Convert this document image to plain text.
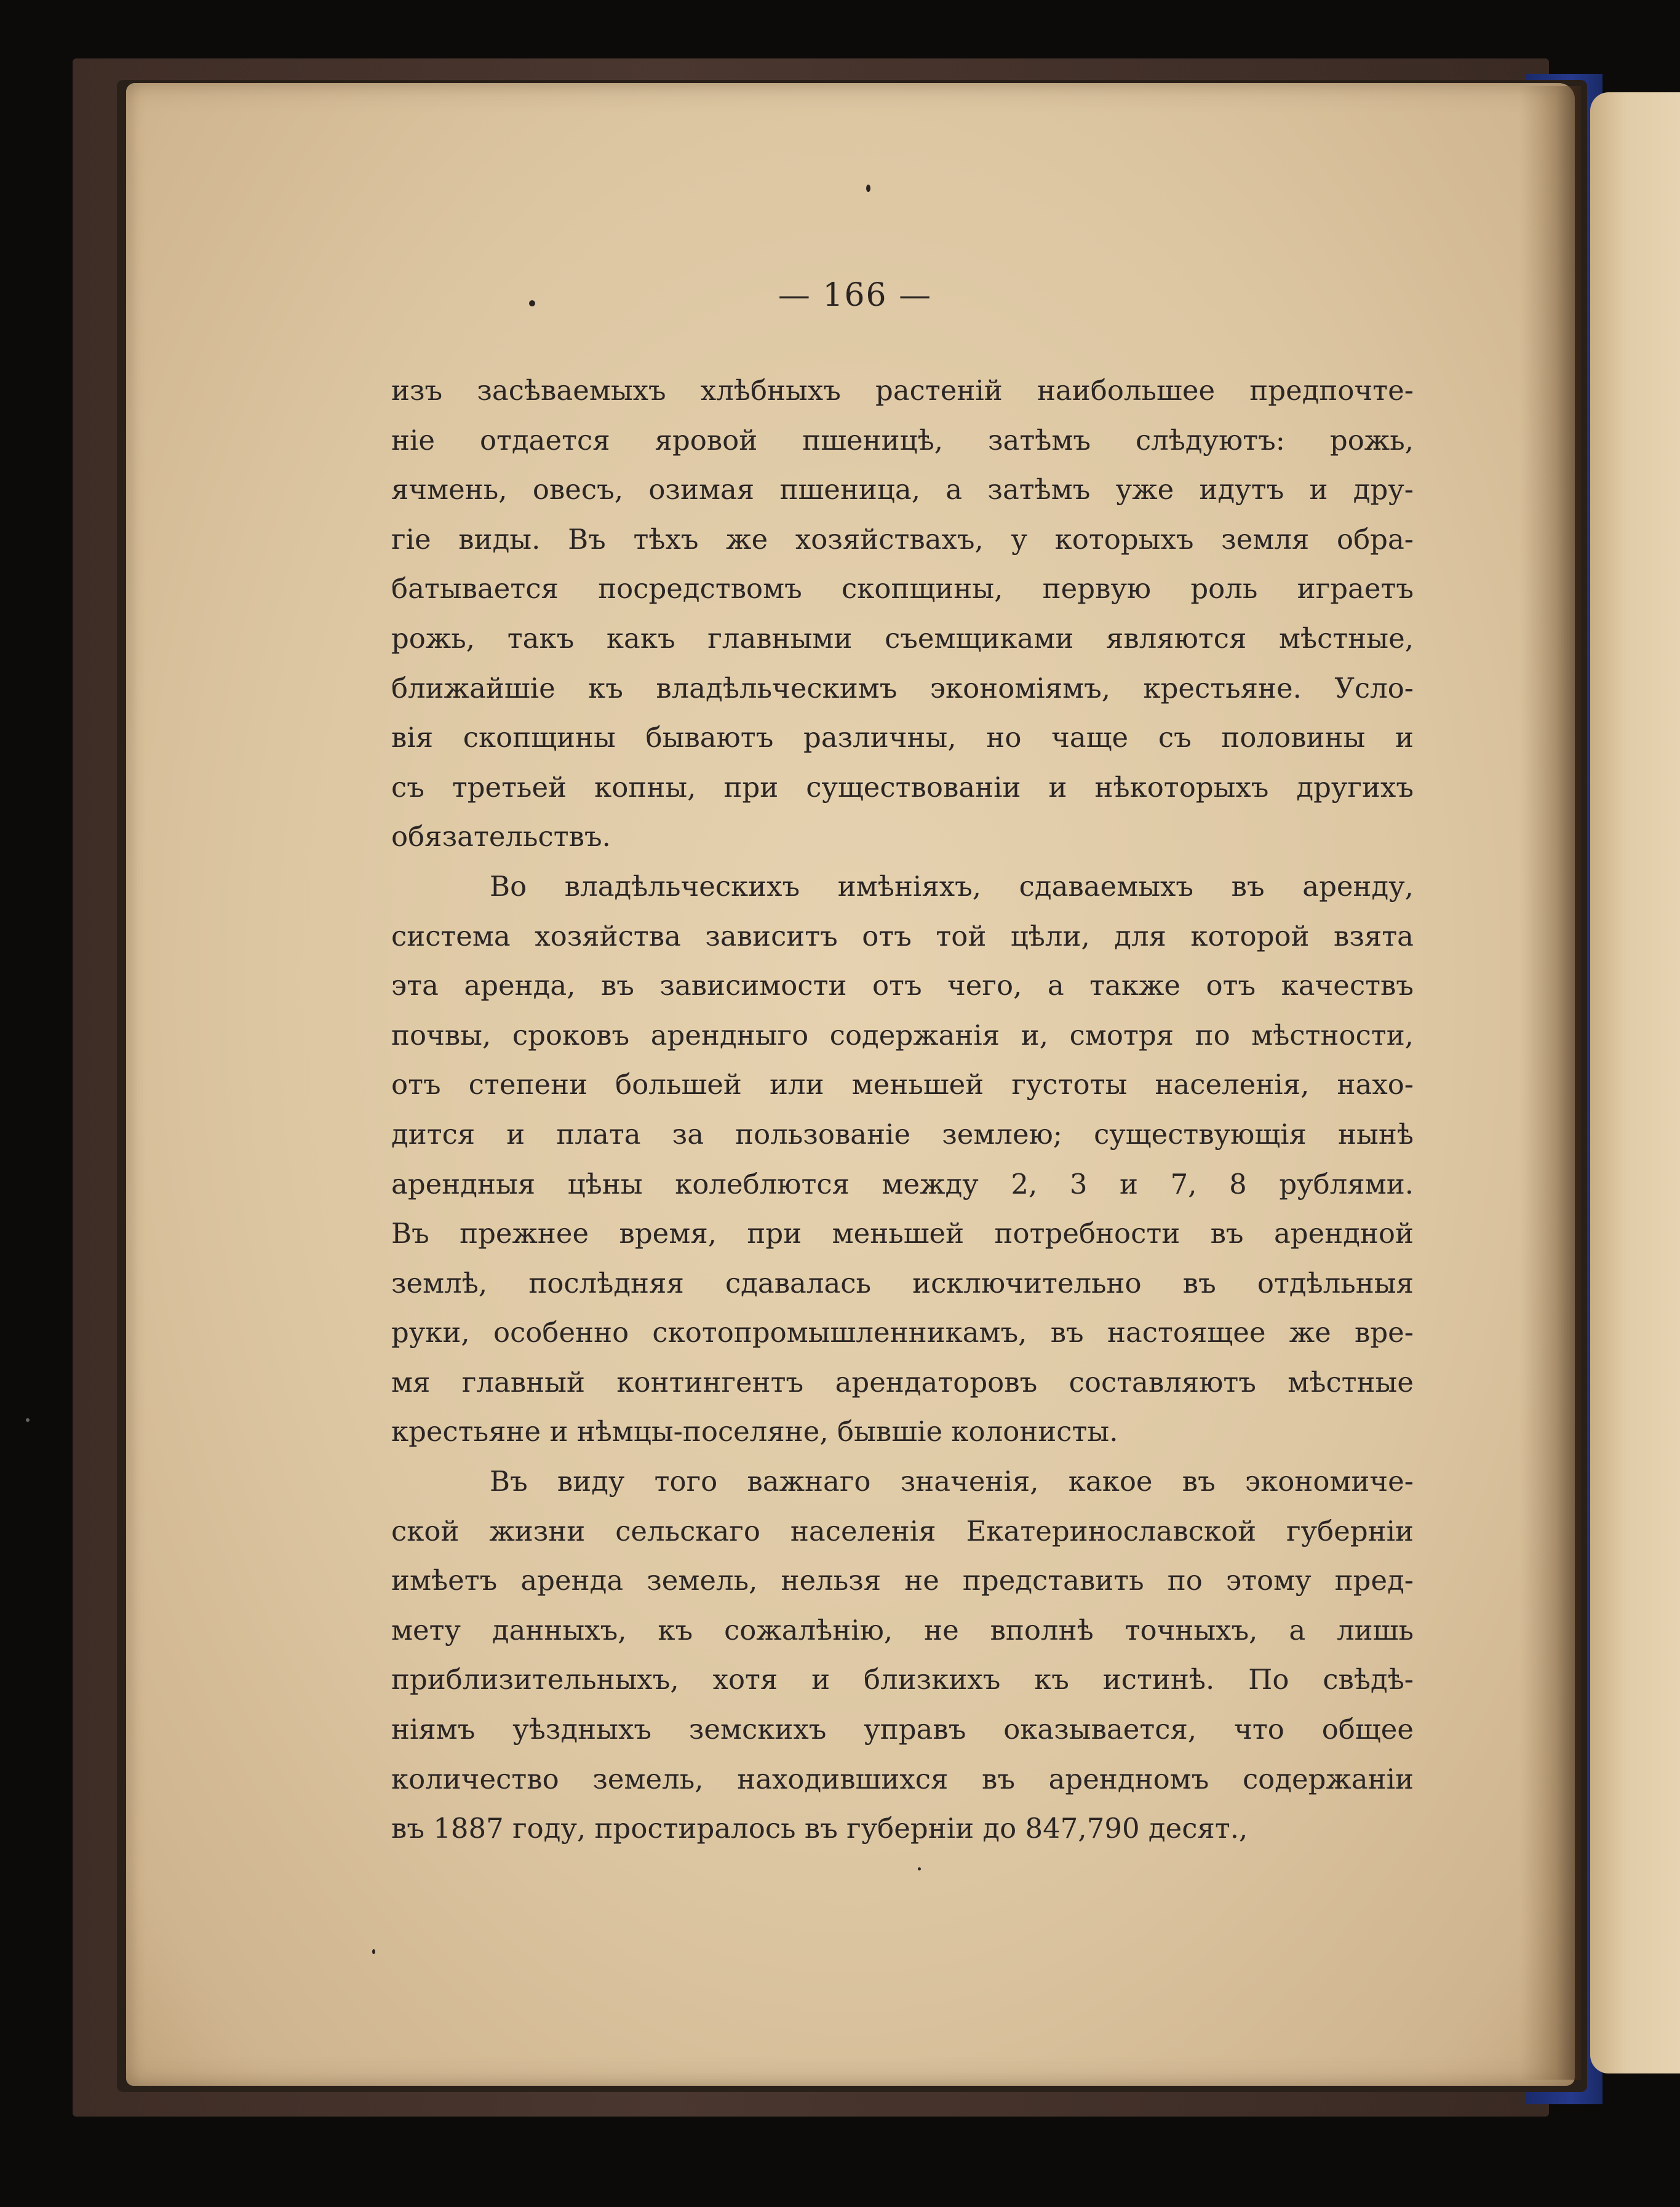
— 166 —
изъ засѣваемыхъ хлѣбныхъ растеній наибольшее предпочте-
ніе отдается яровой пшеницѣ, затѣмъ слѣдуютъ: рожь,
ячмень, овесъ, озимая пшеница, а затѣмъ уже идутъ и дру-
гіе виды. Въ тѣхъ же хозяйствахъ, у которыхъ земля обра-
батывается посредствомъ скопщины, первую роль играетъ
рожь, такъ какъ главными съемщиками являются мѣстные,
ближайшіе къ владѣльческимъ экономіямъ, крестьяне. Усло-
вія скопщины бываютъ различны, но чаще съ половины и
съ третьей копны, при существованіи и нѣкоторыхъ другихъ
обязательствъ.
Во владѣльческихъ имѣніяхъ, сдаваемыхъ въ аренду,
система хозяйства зависитъ отъ той цѣли, для которой взята
эта аренда, въ зависимости отъ чего, а также отъ качествъ
почвы, сроковъ арендныго содержанія и, смотря по мѣстности,
отъ степени большей или меньшей густоты населенія, нахо-
дится и плата за пользованіе землею; существующія нынѣ
арендныя цѣны колеблются между 2, 3 и 7, 8 рублями.
Въ прежнее время, при меньшей потребности въ арендной
землѣ, послѣдняя сдавалась исключительно въ отдѣльныя
руки, особенно скотопромышленникамъ, въ настоящее же вре-
мя главный контингентъ арендаторовъ составляютъ мѣстные
крестьяне и нѣмцы-поселяне, бывшіе колонисты.
Въ виду того важнаго значенія, какое въ экономиче-
ской жизни сельскаго населенія Екатеринославской губерніи
имѣетъ аренда земель, нельзя не представить по этому пред-
мету данныхъ, къ сожалѣнію, не вполнѣ точныхъ, а лишь
приблизительныхъ, хотя и близкихъ къ истинѣ. По свѣдѣ-
ніямъ уѣздныхъ земскихъ управъ оказывается, что общее
количество земель, находившихся въ арендномъ содержаніи
въ 1887 году, простиралось въ губерніи до 847,790 десят.,
